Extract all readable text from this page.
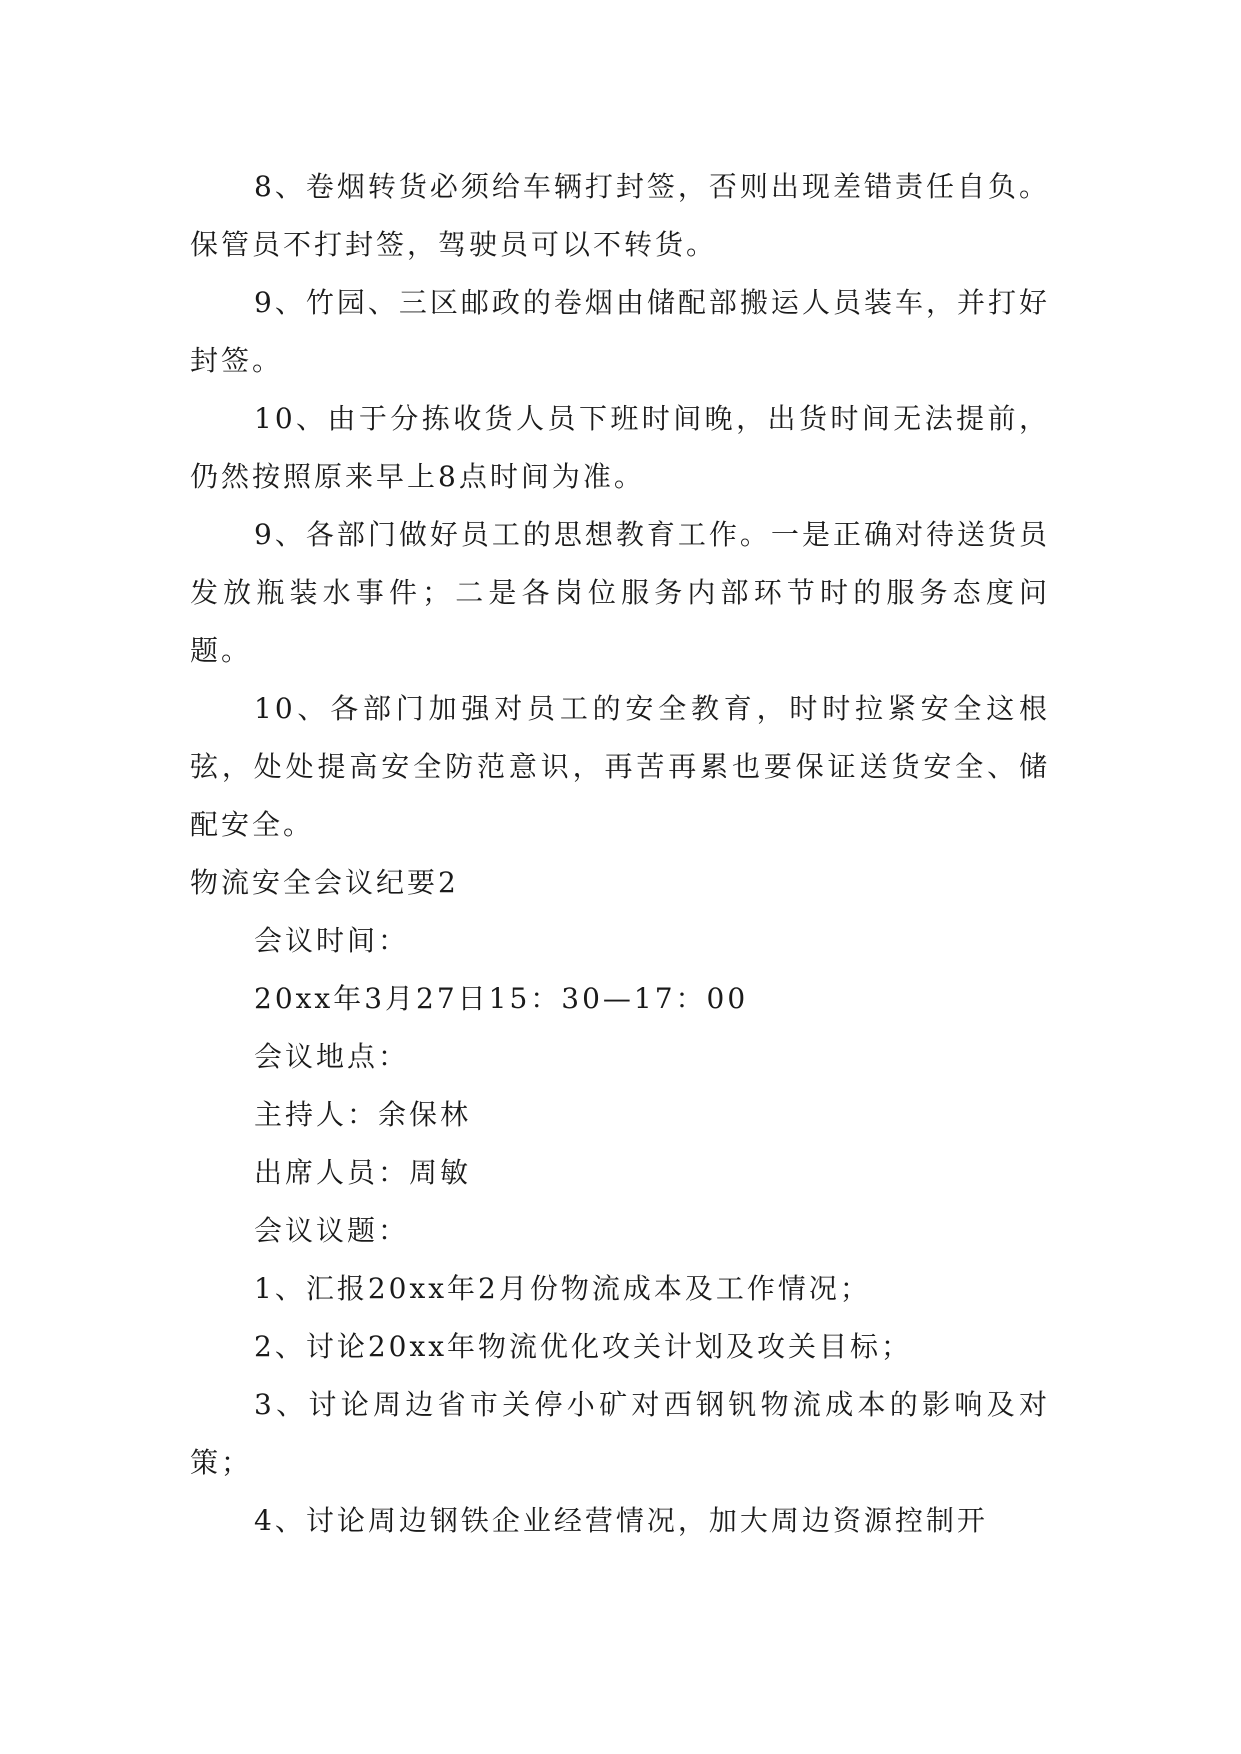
8、卷烟转货必须给车辆打封签，否则出现差错责任自负。保管员不打封签，驾驶员可以不转货。

9、竹园、三区邮政的卷烟由储配部搬运人员装车，并打好封签。

10、由于分拣收货人员下班时间晚，出货时间无法提前，仍然按照原来早上8点时间为准。

9、各部门做好员工的思想教育工作。一是正确对待送货员发放瓶装水事件；二是各岗位服务内部环节时的服务态度问题。

10、各部门加强对员工的安全教育，时时拉紧安全这根弦，处处提高安全防范意识，再苦再累也要保证送货安全、储配安全。

物流安全会议纪要2

会议时间：

20xx年3月27日15：30—17：00

会议地点：

主持人：余保林

出席人员：周敏

会议议题：

1、汇报20xx年2月份物流成本及工作情况；

2、讨论20xx年物流优化攻关计划及攻关目标；

3、讨论周边省市关停小矿对西钢钒物流成本的影响及对策；

4、讨论周边钢铁企业经营情况，加大周边资源控制开
